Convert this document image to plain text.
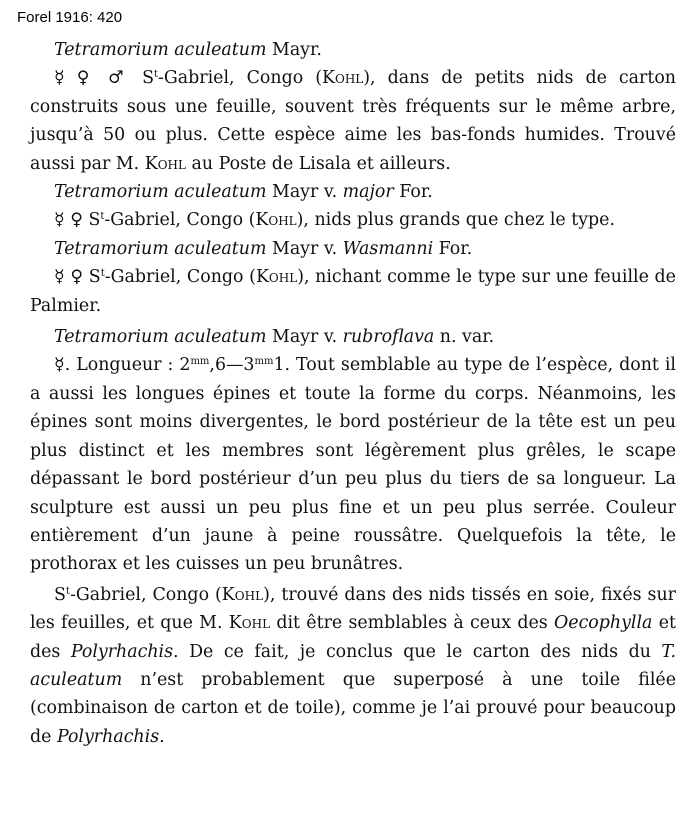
Forel 1916: 420

Tetramorium aculeatum Mayr.

☿ ♀ ♂ $S^t$-Gabriel, Congo (Kohl), dans de petits nids de carton construits sous une feuille, souvent très fréquents sur le même arbre, jusqu’à 50 ou plus. Cette espèce aime les bas-fonds humides. Trouvé aussi par M. Kohl au Poste de Lisala et ailleurs.

Tetramorium aculeatum Mayr v. major For.

☿ ♀ $S^t$-Gabriel, Congo (Kohl), nids plus grands que chez le type.

Tetramorium aculeatum Mayr v. Wasmanni For.

☿ ♀ $S^t$-Gabriel, Congo (Kohl), nichant comme le type sur une feuille de Palmier.

Tetramorium aculeatum Mayr v. rubroflava n. var.

☿. Longueur : $2^{mm},6—3^{mm}1$. Tout semblable au type de l’espèce, dont il a aussi les longues épines et toute la forme du corps. Néanmoins, les épines sont moins divergentes, le bord postérieur de la tête est un peu plus distinct et les membres sont légèrement plus grêles, le scape dépassant le bord postérieur d’un peu plus du tiers de sa longueur. La sculpture est aussi un peu plus fine et un peu plus serrée. Couleur entièrement d’un jaune à peine roussâtre. Quelquefois la tête, le prothorax et les cuisses un peu brunâtres.

$S^t$-Gabriel, Congo (Kohl), trouvé dans des nids tissés en soie, fixés sur les feuilles, et que M. Kohl dit être semblables à ceux des Oecophylla et des Polyrhachis. De ce fait, je conclus que le carton des nids du T. aculeatum n’est probablement que superposé à une toile filée (combinaison de carton et de toile), comme je l’ai prouvé pour beaucoup de Polyrhachis.
